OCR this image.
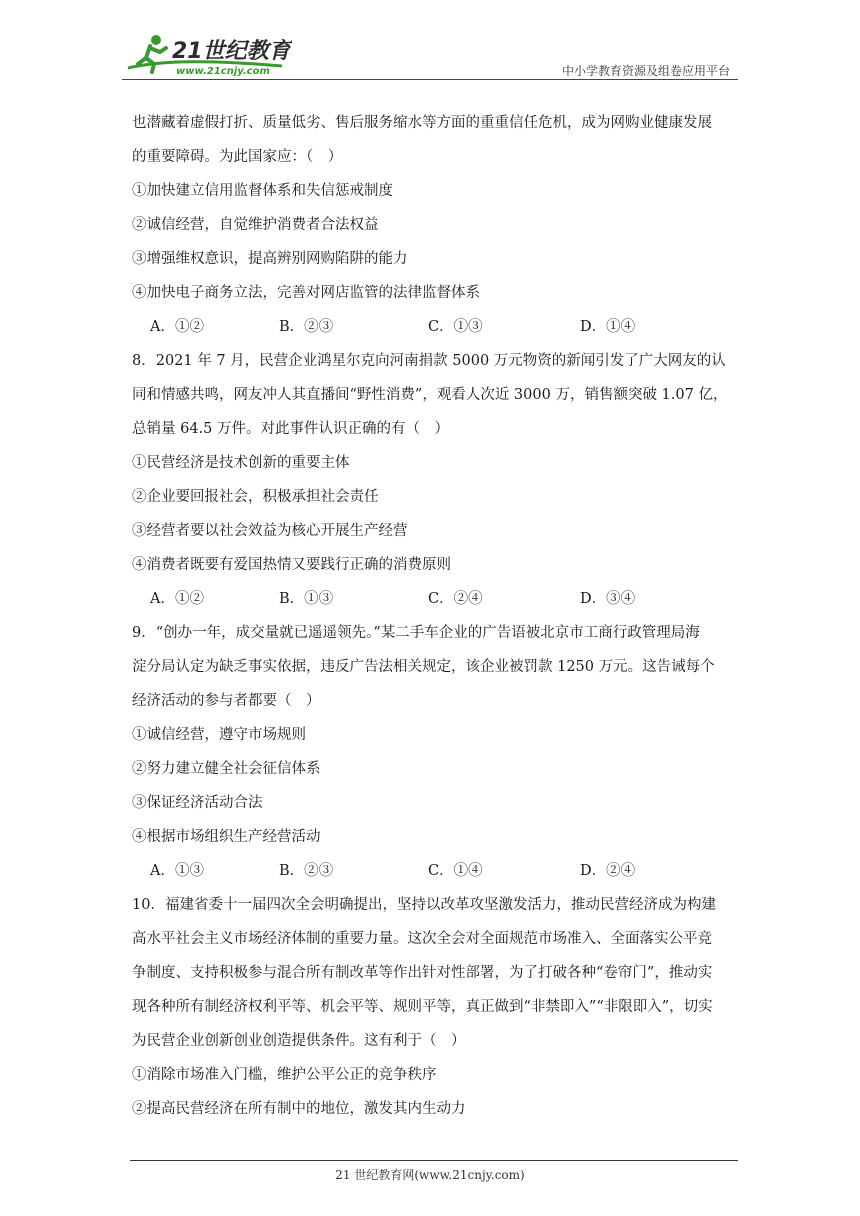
21世纪教育
www.21cnjy.com	中小学教育资源及组卷应用平台
也潜藏着虚假打折、质量低劣、售后服务缩水等方面的重重信任危机，成为网购业健康发展
的重要障碍。为此国家应：（　）
①加快建立信用监督体系和失信惩戒制度
②诚信经营，自觉维护消费者合法权益
③增强维权意识，提高辨别网购陷阱的能力
④加快电子商务立法，完善对网店监管的法律监督体系
A．①②	B．②③	C．①③	D．①④
8．2021 年 7 月，民营企业鸿星尔克向河南捐款 5000 万元物资的新闻引发了广大网友的认
同和情感共鸣，网友冲人其直播间“野性消费”，观看人次近 3000 万，销售额突破 1.07 亿，
总销量 64.5 万件。对此事件认识正确的有（　）
①民营经济是技术创新的重要主体
②企业要回报社会，积极承担社会责任
③经营者要以社会效益为核心开展生产经营
④消费者既要有爱国热情又要践行正确的消费原则
A．①②	B．①③	C．②④	D．③④
9．“创办一年，成交量就已遥遥领先。”某二手车企业的广告语被北京市工商行政管理局海
淀分局认定为缺乏事实依据，违反广告法相关规定，该企业被罚款 1250 万元。这告诫每个
经济活动的参与者都要（　）
①诚信经营，遵守市场规则
②努力建立健全社会征信体系
③保证经济活动合法
④根据市场组织生产经营活动
A．①③	B．②③	C．①④	D．②④
10．福建省委十一届四次全会明确提出，坚持以改革攻坚激发活力，推动民营经济成为构建
高水平社会主义市场经济体制的重要力量。这次全会对全面规范市场准入、全面落实公平竞
争制度、支持积极参与混合所有制改革等作出针对性部署，为了打破各种“卷帘门”，推动实
现各种所有制经济权利平等、机会平等、规则平等，真正做到“非禁即入”“非限即入”，切实
为民营企业创新创业创造提供条件。这有利于（　）
①消除市场准入门槛，维护公平公正的竞争秩序
②提高民营经济在所有制中的地位，激发其内生动力
21 世纪教育网(www.21cnjy.com)
